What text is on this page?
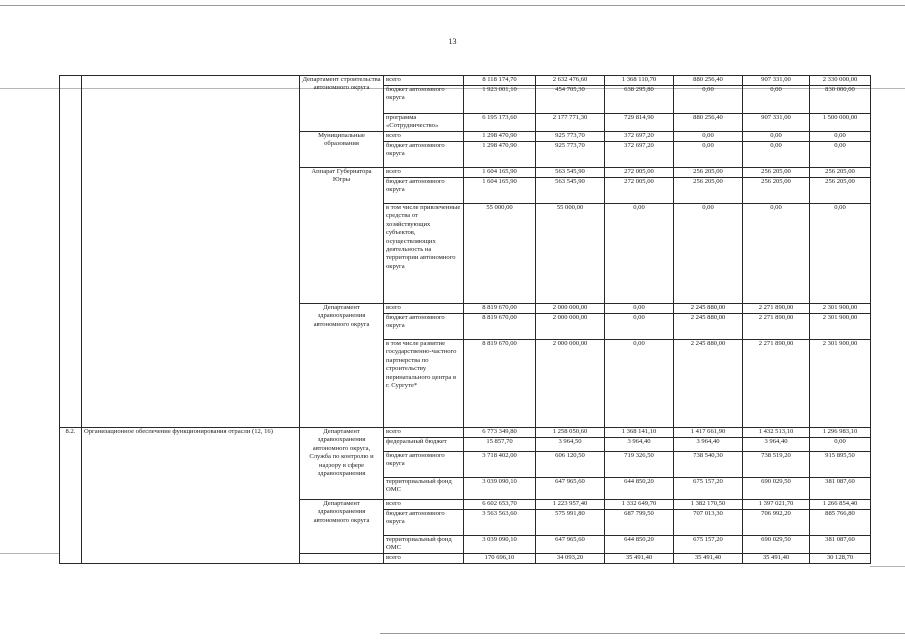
13
		Департамент строительства автономного округа	всего	8 118 174,70	2 632 476,60	1 368 110,70	880 256,40	907 331,00	2 330 000,00
			бюджет автономного округа	1 923 001,10	454 705,30	638 295,80	0,00	0,00	830 000,00
			программа «Сотрудничество»	6 195 173,60	2 177 771,30	729 814,90	880 256,40	907 331,00	1 500 000,00
		Муниципальные образования	всего	1 298 470,90	925 773,70	372 697,20	0,00	0,00	0,00
			бюджет автономного округа	1 298 470,90	925 773,70	372 697,20	0,00	0,00	0,00
		Аппарат Губернатора Югры	всего	1 604 165,90	563 545,90	272 005,00	256 205,00	256 205,00	256 205,00
			бюджет автономного округа	1 604 165,90	563 545,90	272 005,00	256 205,00	256 205,00	256 205,00
			в том числе привлеченные средства от хозяйствующих субъектов, осуществляющих деятельность на территории автономного округа	55 000,00	55 000,00	0,00	0,00	0,00	0,00
		Департамент здравоохранения автономного округа	всего	8 819 670,00	2 000 000,00	0,00	2 245 880,00	2 271 890,00	2 301 900,00
			бюджет автономного округа	8 819 670,00	2 000 000,00	0,00	2 245 880,00	2 271 890,00	2 301 900,00
			в том числе развитие государственно-частного партнерства по строительству перинатального центра в г. Сургуте*	8 819 670,00	2 000 000,00	0,00	2 245 880,00	2 271 890,00	2 301 900,00
8.2.	Организационное обеспечение функционирования отрасли (12, 16)	Департамент здравоохранения автономного округа, Служба по контролю и надзору в сфере здравоохранения	всего	6 773 349,80	1 258 050,60	1 368 141,10	1 417 661,90	1 432 513,10	1 296 983,10
			федеральный бюджет	15 857,70	3 964,50	3 964,40	3 964,40	3 964,40	0,00
			бюджет автономного округа	3 718 402,00	606 120,50	719 326,50	738 540,30	738 519,20	915 895,50
			территориальный фонд ОМС	3 039 090,10	647 965,60	644 850,20	675 157,20	690 029,50	381 087,60
		Департамент здравоохранения автономного округа	всего	6 602 653,70	1 223 957,40	1 332 649,70	1 382 170,50	1 397 021,70	1 266 854,40
			бюджет автономного округа	3 563 563,60	575 991,80	687 799,50	707 013,30	706 992,20	885 766,80
			территориальный фонд ОМС	3 039 090,10	647 965,60	644 850,20	675 157,20	690 029,50	381 087,60
			всего	170 696,10	34 093,20	35 491,40	35 491,40	35 491,40	30 128,70
